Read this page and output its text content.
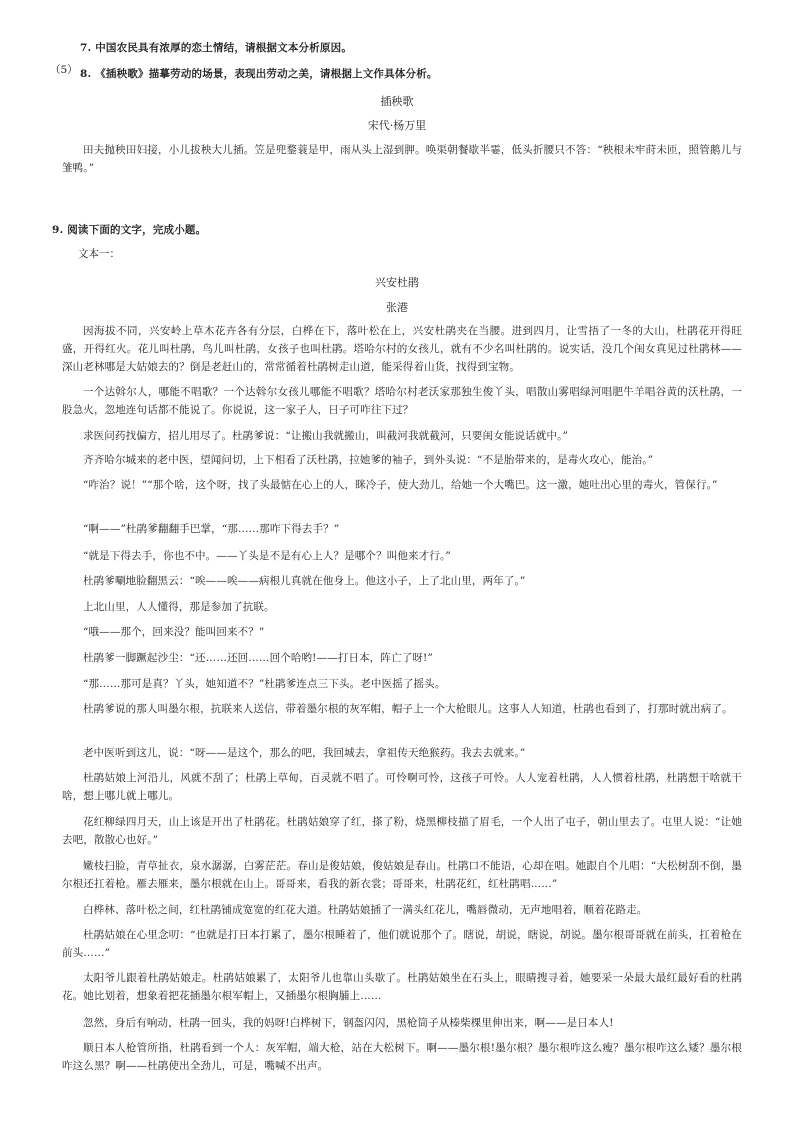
7. 中国农民具有浓厚的恋土情结，请根据文本分析原因。
（5） 8. 《插秧歌》描摹劳动的场景，表现出劳动之美，请根据上文作具体分析。
插秧歌
宋代·杨万里
田夫抛秧田妇接，小儿拔秧大儿插。笠是兜鍪蓑是甲，雨从头上湿到胛。唤渠朝餐歇半霎，低头折腰只不答：“秧根未牢莳未匝，照管鹅儿与雏鸭。”
9. 阅读下面的文字，完成小题。
文本一：
兴安杜鹃
张港
因海拔不同，兴安岭上草木花卉各有分层，白桦在下，落叶松在上，兴安杜鹃夹在当腰。进到四月，让雪捂了一冬的大山，杜鹃花开得旺盛，开得红火。花儿叫杜鹃，鸟儿叫杜鹃，女孩子也叫杜鹃。塔哈尔村的女孩儿，就有不少名叫杜鹃的。说实话，没几个闺女真见过杜鹃林——深山老林哪是大姑娘去的？倒是老赶山的，常常循着杜鹃树走山道，能采得着山货，找得到宝物。
一个达斡尔人，哪能不唱歌？一个达斡尔女孩儿哪能不唱歌？塔哈尔村老沃家那独生俊丫头，唱散山雾唱绿河唱肥牛羊唱谷黄的沃杜鹃，一股急火，忽地连句话都不能说了。你说说，这一家子人，日子可咋往下过？
求医问药找偏方，招儿用尽了。杜鹃爹说：“让搬山我就搬山，叫截河我就截河，只要闺女能说话就中。”
齐齐哈尔城来的老中医，望闻问切，上下相看了沃杜鹃，拉她爹的袖子，到外头说：“不是胎带来的，是毒火攻心，能治。”
“咋治？说！”“那个啥，这个呀，找了头最惦在心上的人，眯冷子，使大劲儿，给她一个大嘴巴。这一激，她吐出心里的毒火，管保行。”
“啊——”杜鹃爹翻翻手巴掌，“那……那咋下得去手？”
“就是下得去手，你也不中。——丫头是不是有心上人？是哪个？叫他来才行。”
杜鹃爹唰地脸翻黑云：“唉——唉——病根儿真就在他身上。他这小子，上了北山里，两年了。”
上北山里，人人懂得，那是参加了抗联。
“哦——那个，回来没？能叫回来不？”
杜鹃爹一脚蹶起沙尘：“还……还回……回个哈哟!——打日本，阵亡了呀!”
“那……那可是真？丫头，她知道不？”杜鹃爹连点三下头。老中医摇了摇头。
杜鹃爹说的那人叫墨尔根，抗联来人送信，带着墨尔根的灰军帽，帽子上一个大枪眼儿。这事人人知道，杜鹃也看到了，打那时就出病了。
老中医听到这儿，说：“呀——是这个，那么的吧，我回城去，拿祖传天绝猴药。我去去就来。”
杜鹃姑娘上河沿儿，风就不刮了；杜鹃上草甸，百灵就不唱了。可怜啊可怜，这孩子可怜。人人宠着杜鹃，人人惯着杜鹃，杜鹃想干啥就干啥，想上哪儿就上哪儿。
花红柳绿四月天，山上该是开出了杜鹃花。杜鹃姑娘穿了红，搽了粉，烧黑柳枝描了眉毛，一个人出了屯子，朝山里去了。屯里人说：“让她去吧，散散心也好。”
嫩枝扫脸，青草扯衣，泉水潺潺，白雾茫茫。春山是俊姑娘，俊姑娘是春山。杜鹃口不能语，心却在唱。她跟自个儿唱：“大松树刮不倒，墨尔根还扛着枪。雁去雁来，墨尔根就在山上。哥哥来，看我的新衣裳；哥哥来，杜鹃花红，红杜鹃唱……”
白桦林、落叶松之间，红杜鹃铺成宽宽的红花大道。杜鹃姑娘插了一满头红花儿，嘴唇微动，无声地唱着，顺着花路走。
杜鹃姑娘在心里念叨：“也就是打日本打累了，墨尔根睡着了，他们就说那个了。瞎说，胡说，瞎说，胡说。墨尔根哥哥就在前头，扛着枪在前头……”
太阳爷儿跟着杜鹃姑娘走。杜鹃姑娘累了，太阳爷儿也靠山头歇了。杜鹃姑娘坐在石头上，眼睛搜寻着，她要采一朵最大最红最好看的杜鹃花。她比划着，想象着把花插墨尔根军帽上，又插墨尔根胸脯上……
忽然，身后有响动，杜鹃一回头，我的妈呀!白桦树下，钢盔闪闪，黑枪筒子从榛柴棵里伸出来，啊——是日本人!
顺日本人枪管所指，杜鹃看到一个人：灰军帽，端大枪，站在大松树下。啊——墨尔根!墨尔根？墨尔根咋这么瘦？墨尔根咋这么矮？墨尔根咋这么黑？啊——杜鹃使出全劲儿，可是，嘴喊不出声。
